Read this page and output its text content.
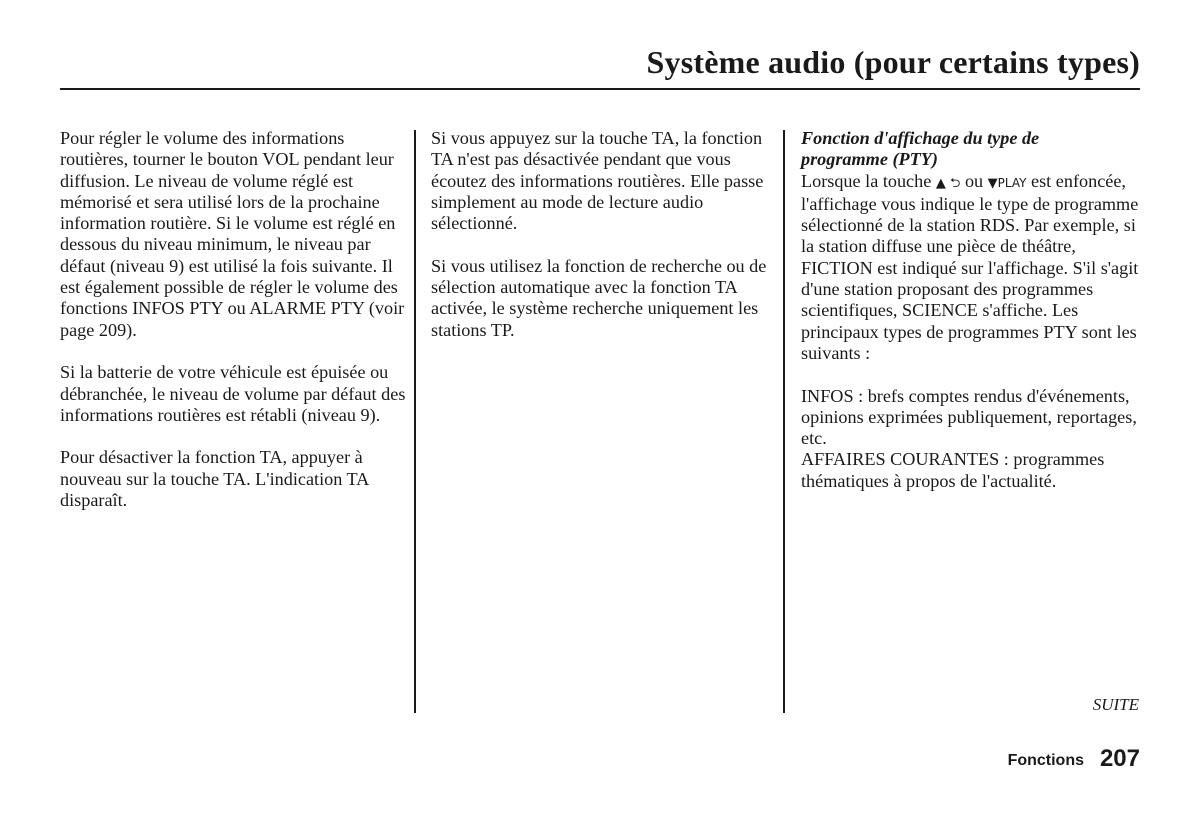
Système audio (pour certains types)

Pour régler le volume des informations routières, tourner le bouton VOL pendant leur diffusion. Le niveau de volume réglé est mémorisé et sera utilisé lors de la prochaine information routière. Si le volume est réglé en dessous du niveau minimum, le niveau par défaut (niveau 9) est utilisé la fois suivante. Il est également possible de régler le volume des fonctions INFOS PTY ou ALARME PTY (voir page 209).

Si la batterie de votre véhicule est épuisée ou débranchée, le niveau de volume par défaut des informations routières est rétabli (niveau 9).

Pour désactiver la fonction TA, appuyer à nouveau sur la touche TA. L'indication TA disparaît.

Si vous appuyez sur la touche TA, la fonction TA n'est pas désactivée pendant que vous écoutez des informations routières. Elle passe simplement au mode de lecture audio sélectionné.

Si vous utilisez la fonction de recherche ou de sélection automatique avec la fonction TA activée, le système recherche uniquement les stations TP.

Fonction d'affichage du type de
programme (PTY)

Lorsque la touche ▲ ⮌ ou ▼PLAY est enfoncée, l'affichage vous indique le type de programme sélectionné de la station RDS. Par exemple, si la station diffuse une pièce de théâtre, FICTION est indiqué sur l'affichage. S'il s'agit d'une station proposant des programmes scientifiques, SCIENCE s'affiche. Les principaux types de programmes PTY sont les suivants :

INFOS : brefs comptes rendus d'événements, opinions exprimées publiquement, reportages, etc.
AFFAIRES COURANTES : programmes thématiques à propos de l'actualité.

SUITE
Fonctions 207
